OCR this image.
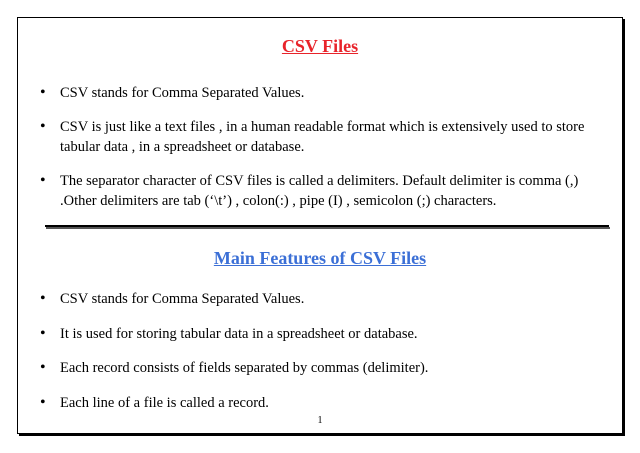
CSV Files
• CSV stands for Comma Separated Values.
• CSV is just like a text files , in a human readable format which is extensively used to store tabular data , in a spreadsheet or database.
• The separator character of CSV files is called a delimiters. Default delimiter is comma (,) .Other delimiters are tab (‘\t’) , colon(:) , pipe (I) , semicolon (;) characters.
Main Features of CSV Files
• CSV stands for Comma Separated Values.
• It is used for storing tabular data in a spreadsheet or database.
• Each record consists of fields separated by commas (delimiter).
• Each line of a file is called a record.
1
